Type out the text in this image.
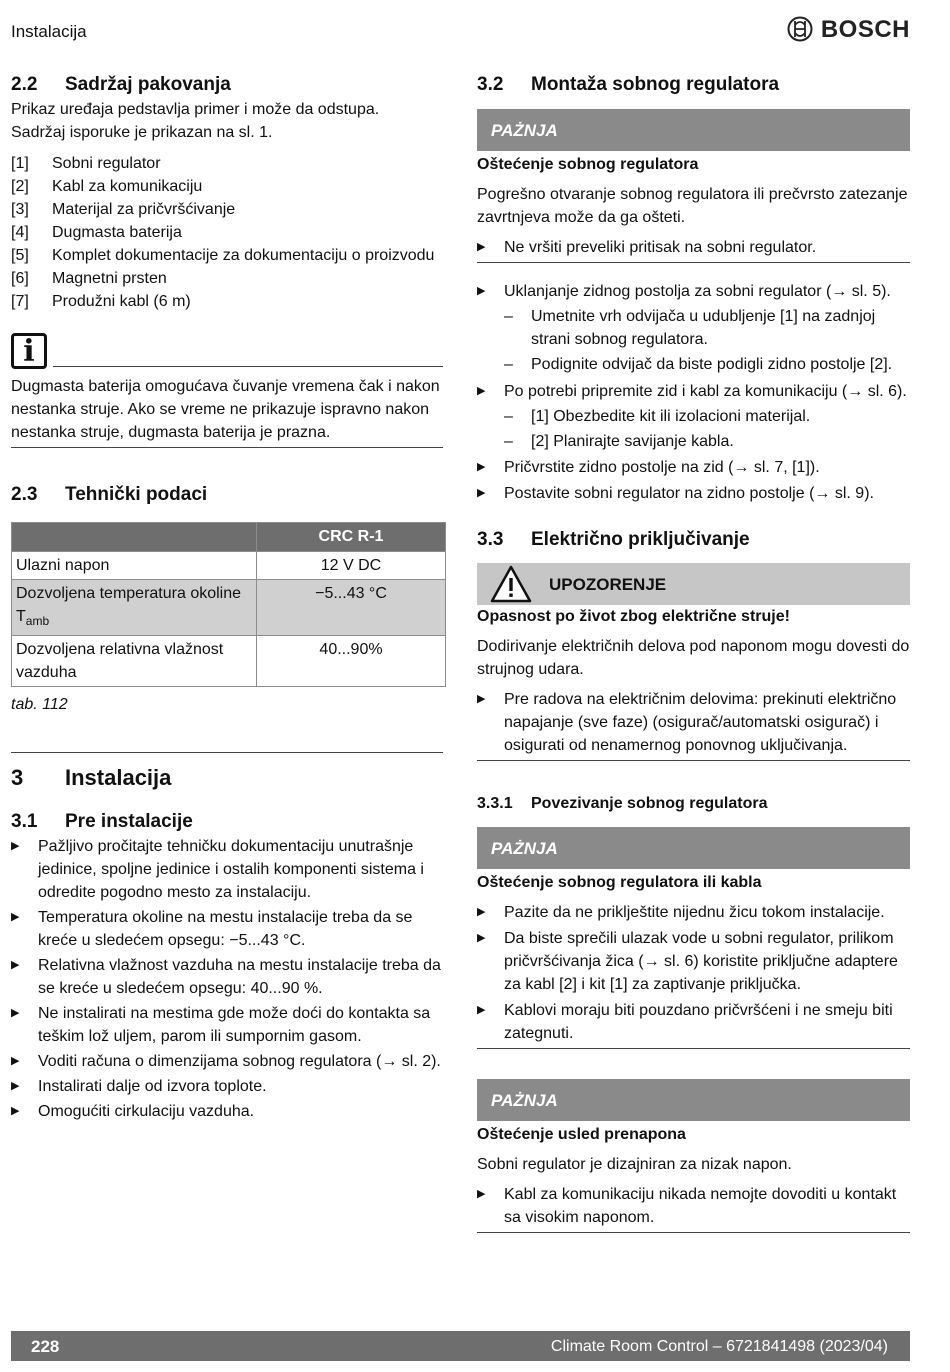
Instalacija	BOSCH
2.2 Sadržaj pakovanja

Prikaz uređaja pedstavlja primer i može da odstupa.

Sadržaj isporuke je prikazan na sl. 1.

[1]	Sobni regulator
[2]	Kabl za komunikaciju
[3]	Materijal za pričvršćivanje
[4]	Dugmasta baterija
[5]	Komplet dokumentacije za dokumentaciju o proizvodu
[6]	Magnetni prsten
[7]	Produžni kabl (6 m)
i

Dugmasta baterija omogućava čuvanje vremena čak i nakon nestanka struje. Ako se vreme ne prikazuje ispravno nakon nestanka struje, dugmasta baterija je prazna.

2.3 Tehnički podaci
	CRC R-1
Ulazni napon	12 V DC
Dozvoljena temperatura okoline $T_{amb}$	−5...43 °C
Dozvoljena relativna vlažnost vazduha	40...90%
tab. 112
3 Instalacija
3.1 Pre instalacije
▶ Pažljivo pročitajte tehničku dokumentaciju unutrašnje jedinice, spoljne jedinice i ostalih komponenti sistema i odredite pogodno mesto za instalaciju.
▶ Temperatura okoline na mestu instalacije treba da se kreće u sledećem opsegu: −5...43 °C.
▶ Relativna vlažnost vazduha na mestu instalacije treba da se kreće u sledećem opsegu: 40...90 %.
▶ Ne instalirati na mestima gde može doći do kontakta sa teškim lož uljem, parom ili sumpornim gasom.
▶ Voditi računa o dimenzijama sobnog regulatora (→ sl. 2).
▶ Instalirati dalje od izvora toplote.
▶ Omogućiti cirkulaciju vazduha.
3.2 Montaža sobnog regulatora
PAŻNJA

Oštećenje sobnog regulatora

Pogrešno otvaranje sobnog regulatora ili prečvrsto zatezanje zavrtnjeva može da ga ošteti.

▶ Ne vršiti preveliki pritisak na sobni regulator.
▶ Uklanjanje zidnog postolja za sobni regulator (→ sl. 5).
– Umetnite vrh odvijača u udubljenje [1] na zadnjoj strani sobnog regulatora.
– Podignite odvijač da biste podigli zidno postolje [2].
▶ Po potrebi pripremite zid i kabl za komunikaciju (→ sl. 6).
– [1] Obezbedite kit ili izolacioni materijal.
– [2] Planirajte savijanje kabla.
▶ Pričvrstite zidno postolje na zid (→ sl. 7, [1]).
▶ Postavite sobni regulator na zidno postolje (→ sl. 9).
3.3 Električno priključivanje
UPOZORENJE

Opasnost po život zbog električne struje!

Dodirivanje električnih delova pod naponom mogu dovesti do strujnog udara.

▶ Pre radova na električnim delovima: prekinuti električno napajanje (sve faze) (osigurač/automatski osigurač) i osigurati od nenamernog ponovnog uključivanja.
3.3.1 Povezivanje sobnog regulatora
PAŻNJA

Oštećenje sobnog regulatora ili kabla

▶ Pazite da ne priklještite nijednu žicu tokom instalacije.
▶ Da biste sprečili ulazak vode u sobni regulator, prilikom pričvršćivanja žica (→ sl. 6) koristite priključne adaptere za kabl [2] i kit [1] za zaptivanje priključka.
▶ Kablovi moraju biti pouzdano pričvršćeni i ne smeju biti zategnuti.
PAŻNJA

Oštećenje usled prenapona

Sobni regulator je dizajniran za nizak napon.

▶ Kabl za komunikaciju nikada nemojte dovoditi u kontakt sa visokim naponom.
228	Climate Room Control – 6721841498 (2023/04)
